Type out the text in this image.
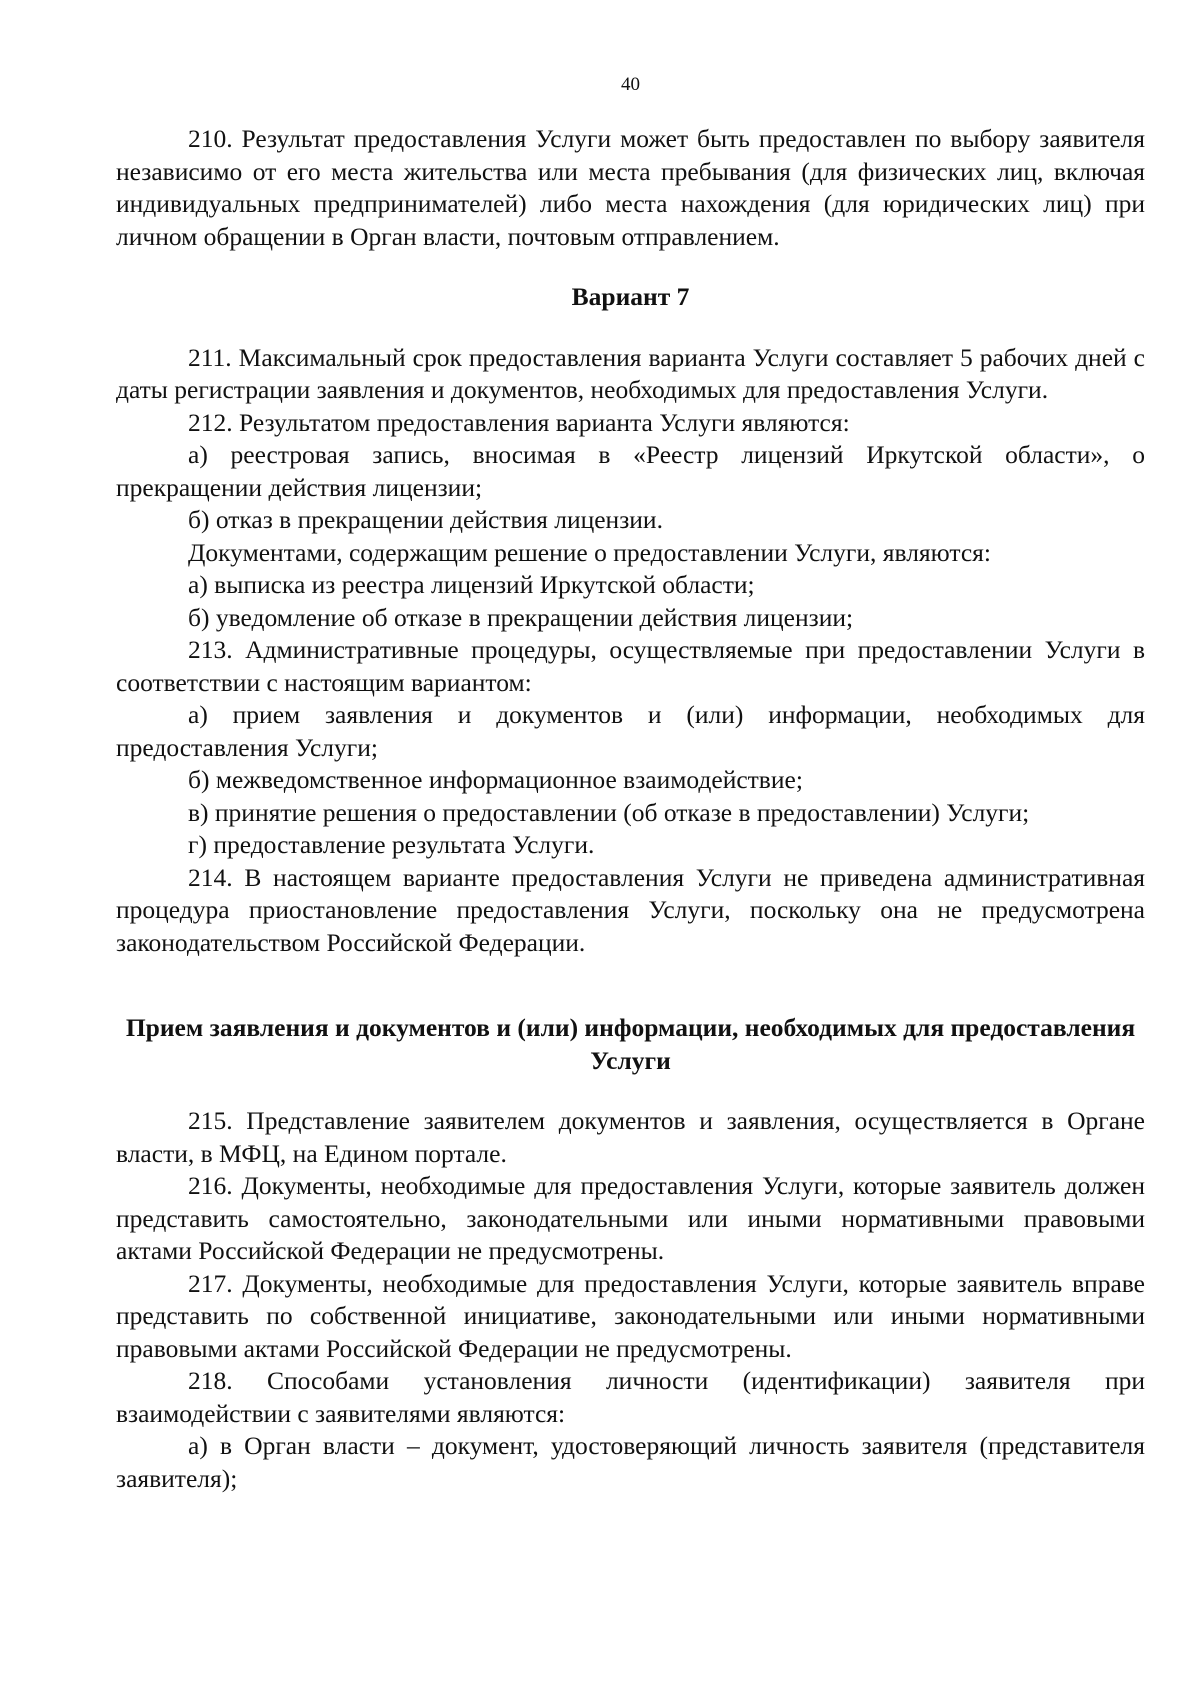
40

210. Результат предоставления Услуги может быть предоставлен по выбору заявителя независимо от его места жительства или места пребывания (для физических лиц, включая индивидуальных предпринимателей) либо места нахождения (для юридических лиц) при личном обращении в Орган власти, почтовым отправлением.

Вариант 7

211. Максимальный срок предоставления варианта Услуги составляет 5 рабочих дней с даты регистрации заявления и документов, необходимых для предоставления Услуги.

212. Результатом предоставления варианта Услуги являются:

а) реестровая запись, вносимая в «Реестр лицензий Иркутской области», о прекращении действия лицензии;

б) отказ в прекращении действия лицензии.

Документами, содержащим решение о предоставлении Услуги, являются:

а) выписка из реестра лицензий Иркутской области;

б) уведомление об отказе в прекращении действия лицензии;

213. Административные процедуры, осуществляемые при предоставлении Услуги в соответствии с настоящим вариантом:

а) прием заявления и документов и (или) информации, необходимых для предоставления Услуги;

б) межведомственное информационное взаимодействие;

в) принятие решения о предоставлении (об отказе в предоставлении) Услуги;

г) предоставление результата Услуги.

214. В настоящем варианте предоставления Услуги не приведена административная процедура приостановление предоставления Услуги, поскольку она не предусмотрена законодательством Российской Федерации.

Прием заявления и документов и (или) информации, необходимых для предоставления Услуги

215. Представление заявителем документов и заявления, осуществляется в Органе власти, в МФЦ, на Едином портале.

216. Документы, необходимые для предоставления Услуги, которые заявитель должен представить самостоятельно, законодательными или иными нормативными правовыми актами Российской Федерации не предусмотрены.

217. Документы, необходимые для предоставления Услуги, которые заявитель вправе представить по собственной инициативе, законодательными или иными нормативными правовыми актами Российской Федерации не предусмотрены.

218. Способами установления личности (идентификации) заявителя при взаимодействии с заявителями являются:

а) в Орган власти – документ, удостоверяющий личность заявителя (представителя заявителя);
